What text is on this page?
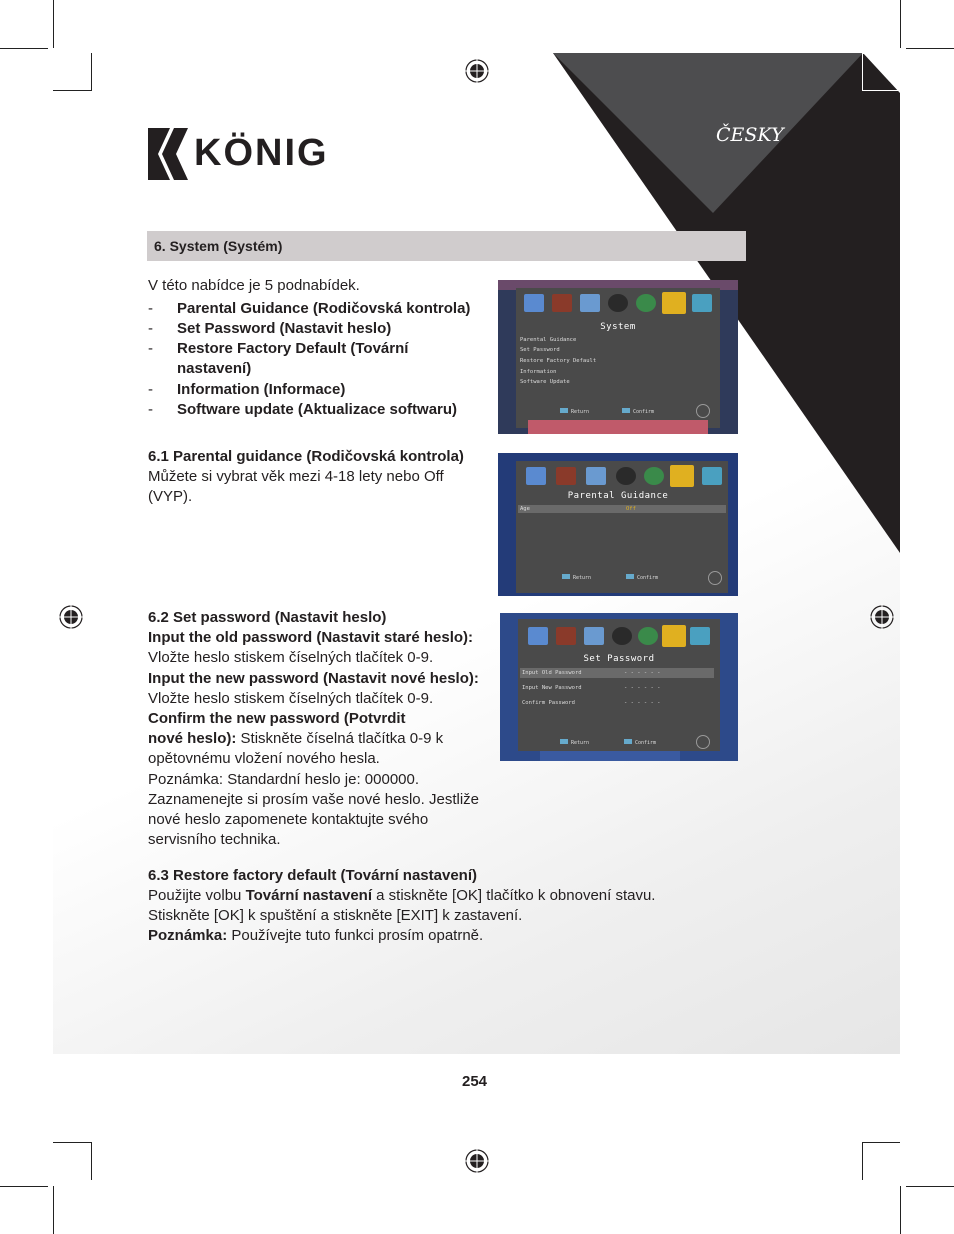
ČESKY
KÖNIG
6. System (Systém)
V této nabídce je 5 podnabídek.
- Parental Guidance (Rodičovská kontrola)
- Set Password (Nastavit heslo)
- Restore Factory Default (Tovární
nastavení)
- Information (Informace)
- Software update (Aktualizace softwaru)
6.1 Parental guidance (Rodičovská kontrola)
Můžete si vybrat věk mezi 4-18 lety nebo Off
(VYP).
6.2 Set password (Nastavit heslo)
Input the old password (Nastavit staré heslo):
Vložte heslo stiskem číselných tlačítek 0-9.
Input the new password (Nastavit nové heslo):
Vložte heslo stiskem číselných tlačítek 0-9.
Confirm the new password (Potvrdit
nové heslo): Stiskněte číselná tlačítka 0-9 k
opětovnému vložení nového hesla.
Poznámka: Standardní heslo je: 000000.
Zaznamenejte si prosím vaše nové heslo. Jestliže
nové heslo zapomenete kontaktujte svého
servisního technika.
6.3 Restore factory default (Tovární nastavení)
Použijte volbu Tovární nastavení a stiskněte [OK] tlačítko k obnovení stavu.
Stiskněte [OK] k spuštění a stiskněte [EXIT] k zastavení.
Poznámka: Používejte tuto funkci prosím opatrně.
System
Parental Guidance
Set Password
Restore Factory Default
Information
Software Update
Return	Confirm
Parental Guidance
Age	Off
Return	Confirm
Set Password
Input Old Password	- - - - - -
Input New Password	- - - - - -
Confirm Password	- - - - - -
Return	Confirm
254
